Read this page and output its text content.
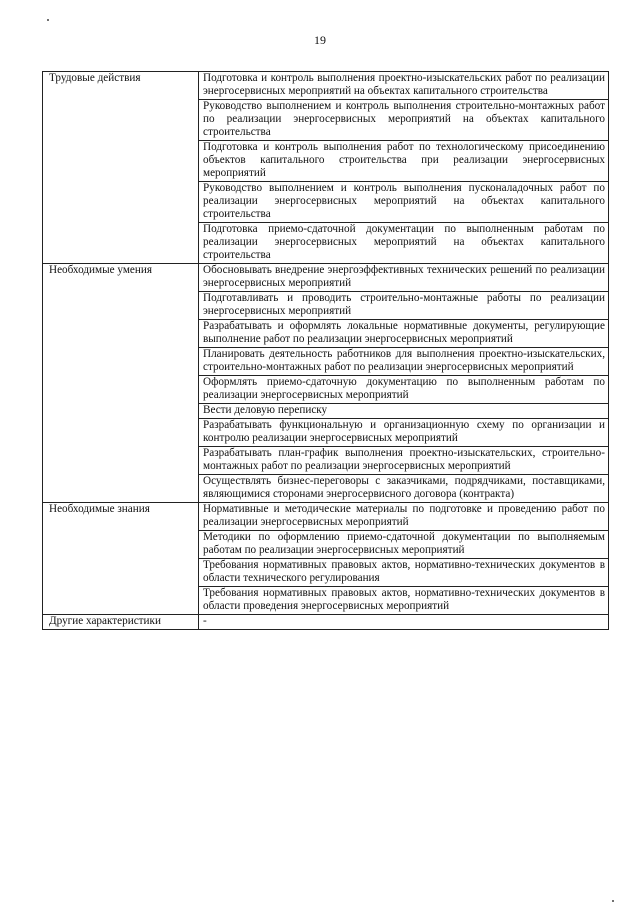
19
Трудовые действия	Подготовка и контроль выполнения проектно-изыскательских работ по реализации энергосервисных мероприятий на объектах капитального строительства
	Руководство выполнением и контроль выполнения строительно-монтажных работ по реализации энергосервисных мероприятий на объектах капитального строительства
	Подготовка и контроль выполнения работ по технологическому присоединению объектов капитального строительства при реализации энергосервисных мероприятий
	Руководство выполнением и контроль выполнения пусконаладочных работ по реализации энергосервисных мероприятий на объектах капитального строительства
	Подготовка приемо-сдаточной документации по выполненным работам по реализации энергосервисных мероприятий на объектах капитального строительства
Необходимые умения	Обосновывать внедрение энергоэффективных технических решений по реализации энергосервисных мероприятий
	Подготавливать и проводить строительно-монтажные работы по реализации энергосервисных мероприятий
	Разрабатывать и оформлять локальные нормативные документы, регулирующие выполнение работ по реализации энергосервисных мероприятий
	Планировать деятельность работников для выполнения проектно-изыскательских, строительно-монтажных работ по реализации энергосервисных мероприятий
	Оформлять приемо-сдаточную документацию по выполненным работам по реализации энергосервисных мероприятий
	Вести деловую переписку
	Разрабатывать функциональную и организационную схему по организации и контролю реализации энергосервисных мероприятий
	Разрабатывать план-график выполнения проектно-изыскательских, строительно-монтажных работ по реализации энергосервисных мероприятий
	Осуществлять бизнес-переговоры с заказчиками, подрядчиками, поставщиками, являющимися сторонами энергосервисного договора (контракта)
Необходимые знания	Нормативные и методические материалы по подготовке и проведению работ по реализации энергосервисных мероприятий
	Методики по оформлению приемо-сдаточной документации по выполняемым работам по реализации энергосервисных мероприятий
	Требования нормативных правовых актов, нормативно-технических документов в области технического регулирования
	Требования нормативных правовых актов, нормативно-технических документов в области проведения энергосервисных мероприятий
Другие характеристики	-
